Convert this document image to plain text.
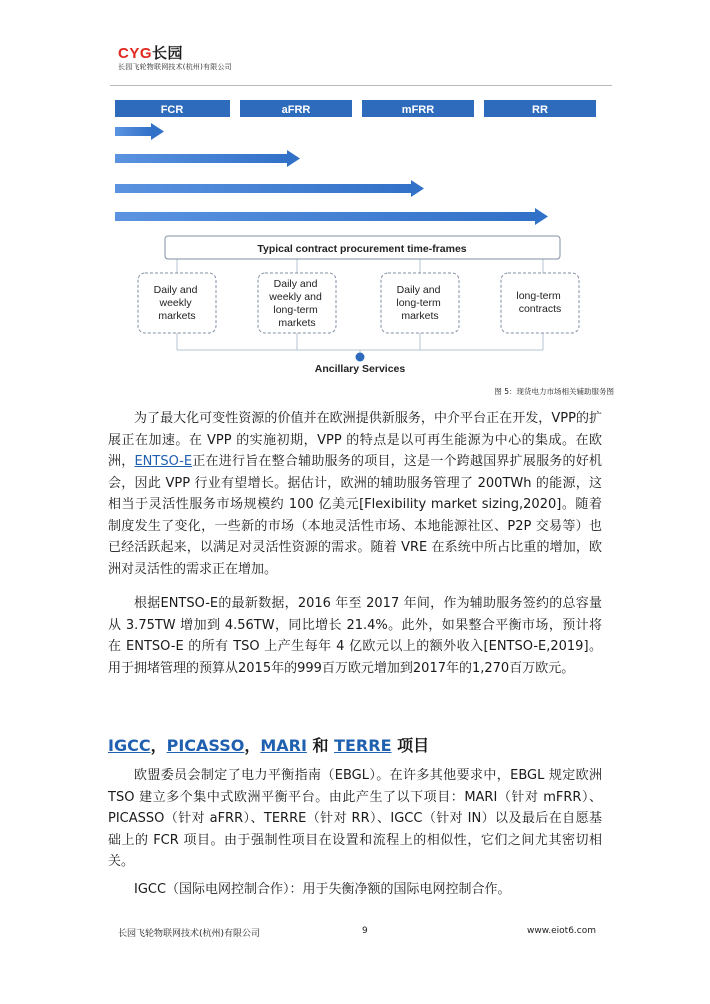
CYG长园
长园飞轮物联网技术(杭州)有限公司
FCR	aFRR	mFRR	RR
Typical contract procurement time-frames
Daily and weekly markets
Daily and weekly and long-term markets
Daily and long-term markets
long-term contracts
Ancillary Services
图 5：现货电力市场相关辅助服务图

为了最大化可变性资源的价值并在欧洲提供新服务，中介平台正在开发，VPP的扩展正在加速。在 VPP 的实施初期，VPP 的特点是以可再生能源为中心的集成。在欧洲，ENTSO-E正在进行旨在整合辅助服务的项目，这是一个跨越国界扩展服务的好机会，因此 VPP 行业有望增长。据估计，欧洲的辅助服务管理了 200TWh 的能源，这相当于灵活性服务市场规模约 100 亿美元[Flexibility market sizing,2020]。随着制度发生了变化，一些新的市场（本地灵活性市场、本地能源社区、P2P 交易等）也已经活跃起来，以满足对灵活性资源的需求。随着 VRE 在系统中所占比重的增加，欧洲对灵活性的需求正在增加。

根据ENTSO-E的最新数据，2016 年至 2017 年间，作为辅助服务签约的总容量从 3.75TW 增加到 4.56TW，同比增长 21.4%。此外，如果整合平衡市场，预计将在 ENTSO-E 的所有 TSO 上产生每年 4 亿欧元以上的额外收入[ENTSO-E,2019]。用于拥堵管理的预算从2015年的999百万欧元增加到2017年的1,270百万欧元。

IGCC，PICASSO，MARI 和 TERRE 项目

欧盟委员会制定了电力平衡指南（EBGL）。在许多其他要求中，EBGL 规定欧洲 TSO 建立多个集中式欧洲平衡平台。由此产生了以下项目：MARI（针对 mFRR）、PICASSO（针对 aFRR）、TERRE（针对 RR）、IGCC（针对 IN）以及最后在自愿基础上的 FCR 项目。由于强制性项目在设置和流程上的相似性，它们之间尤其密切相关。

IGCC（国际电网控制合作）：用于失衡净额的国际电网控制合作。

长园飞轮物联网技术(杭州)有限公司	9	www.eiot6.com
